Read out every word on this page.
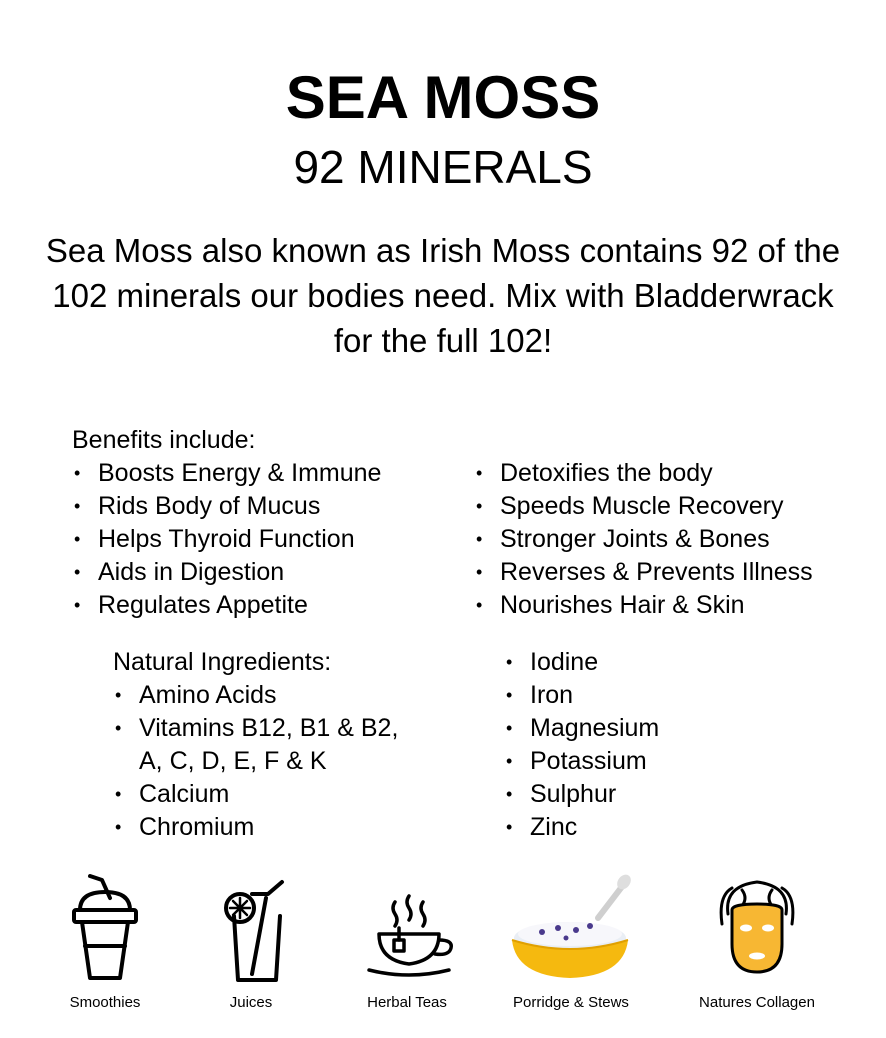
SEA MOSS
92 MINERALS
Sea Moss also known as Irish Moss contains 92 of the 102 minerals our bodies need. Mix with Bladderwrack for the full 102!
Benefits include:
• Boosts Energy & Immune
• Rids Body of Mucus
• Helps Thyroid Function
• Aids in Digestion
• Regulates Appetite
• Detoxifies the body
• Speeds Muscle Recovery
• Stronger Joints & Bones
• Reverses & Prevents Illness
• Nourishes Hair & Skin
Natural Ingredients:
• Amino Acids
• Vitamins B12, B1 & B2,
A, C, D, E, F & K
• Calcium
• Chromium
• Iodine
• Iron
• Magnesium
• Potassium
• Sulphur
• Zinc
Smoothies	Juices	Herbal Teas	Porridge & Stews	Natures Collagen
